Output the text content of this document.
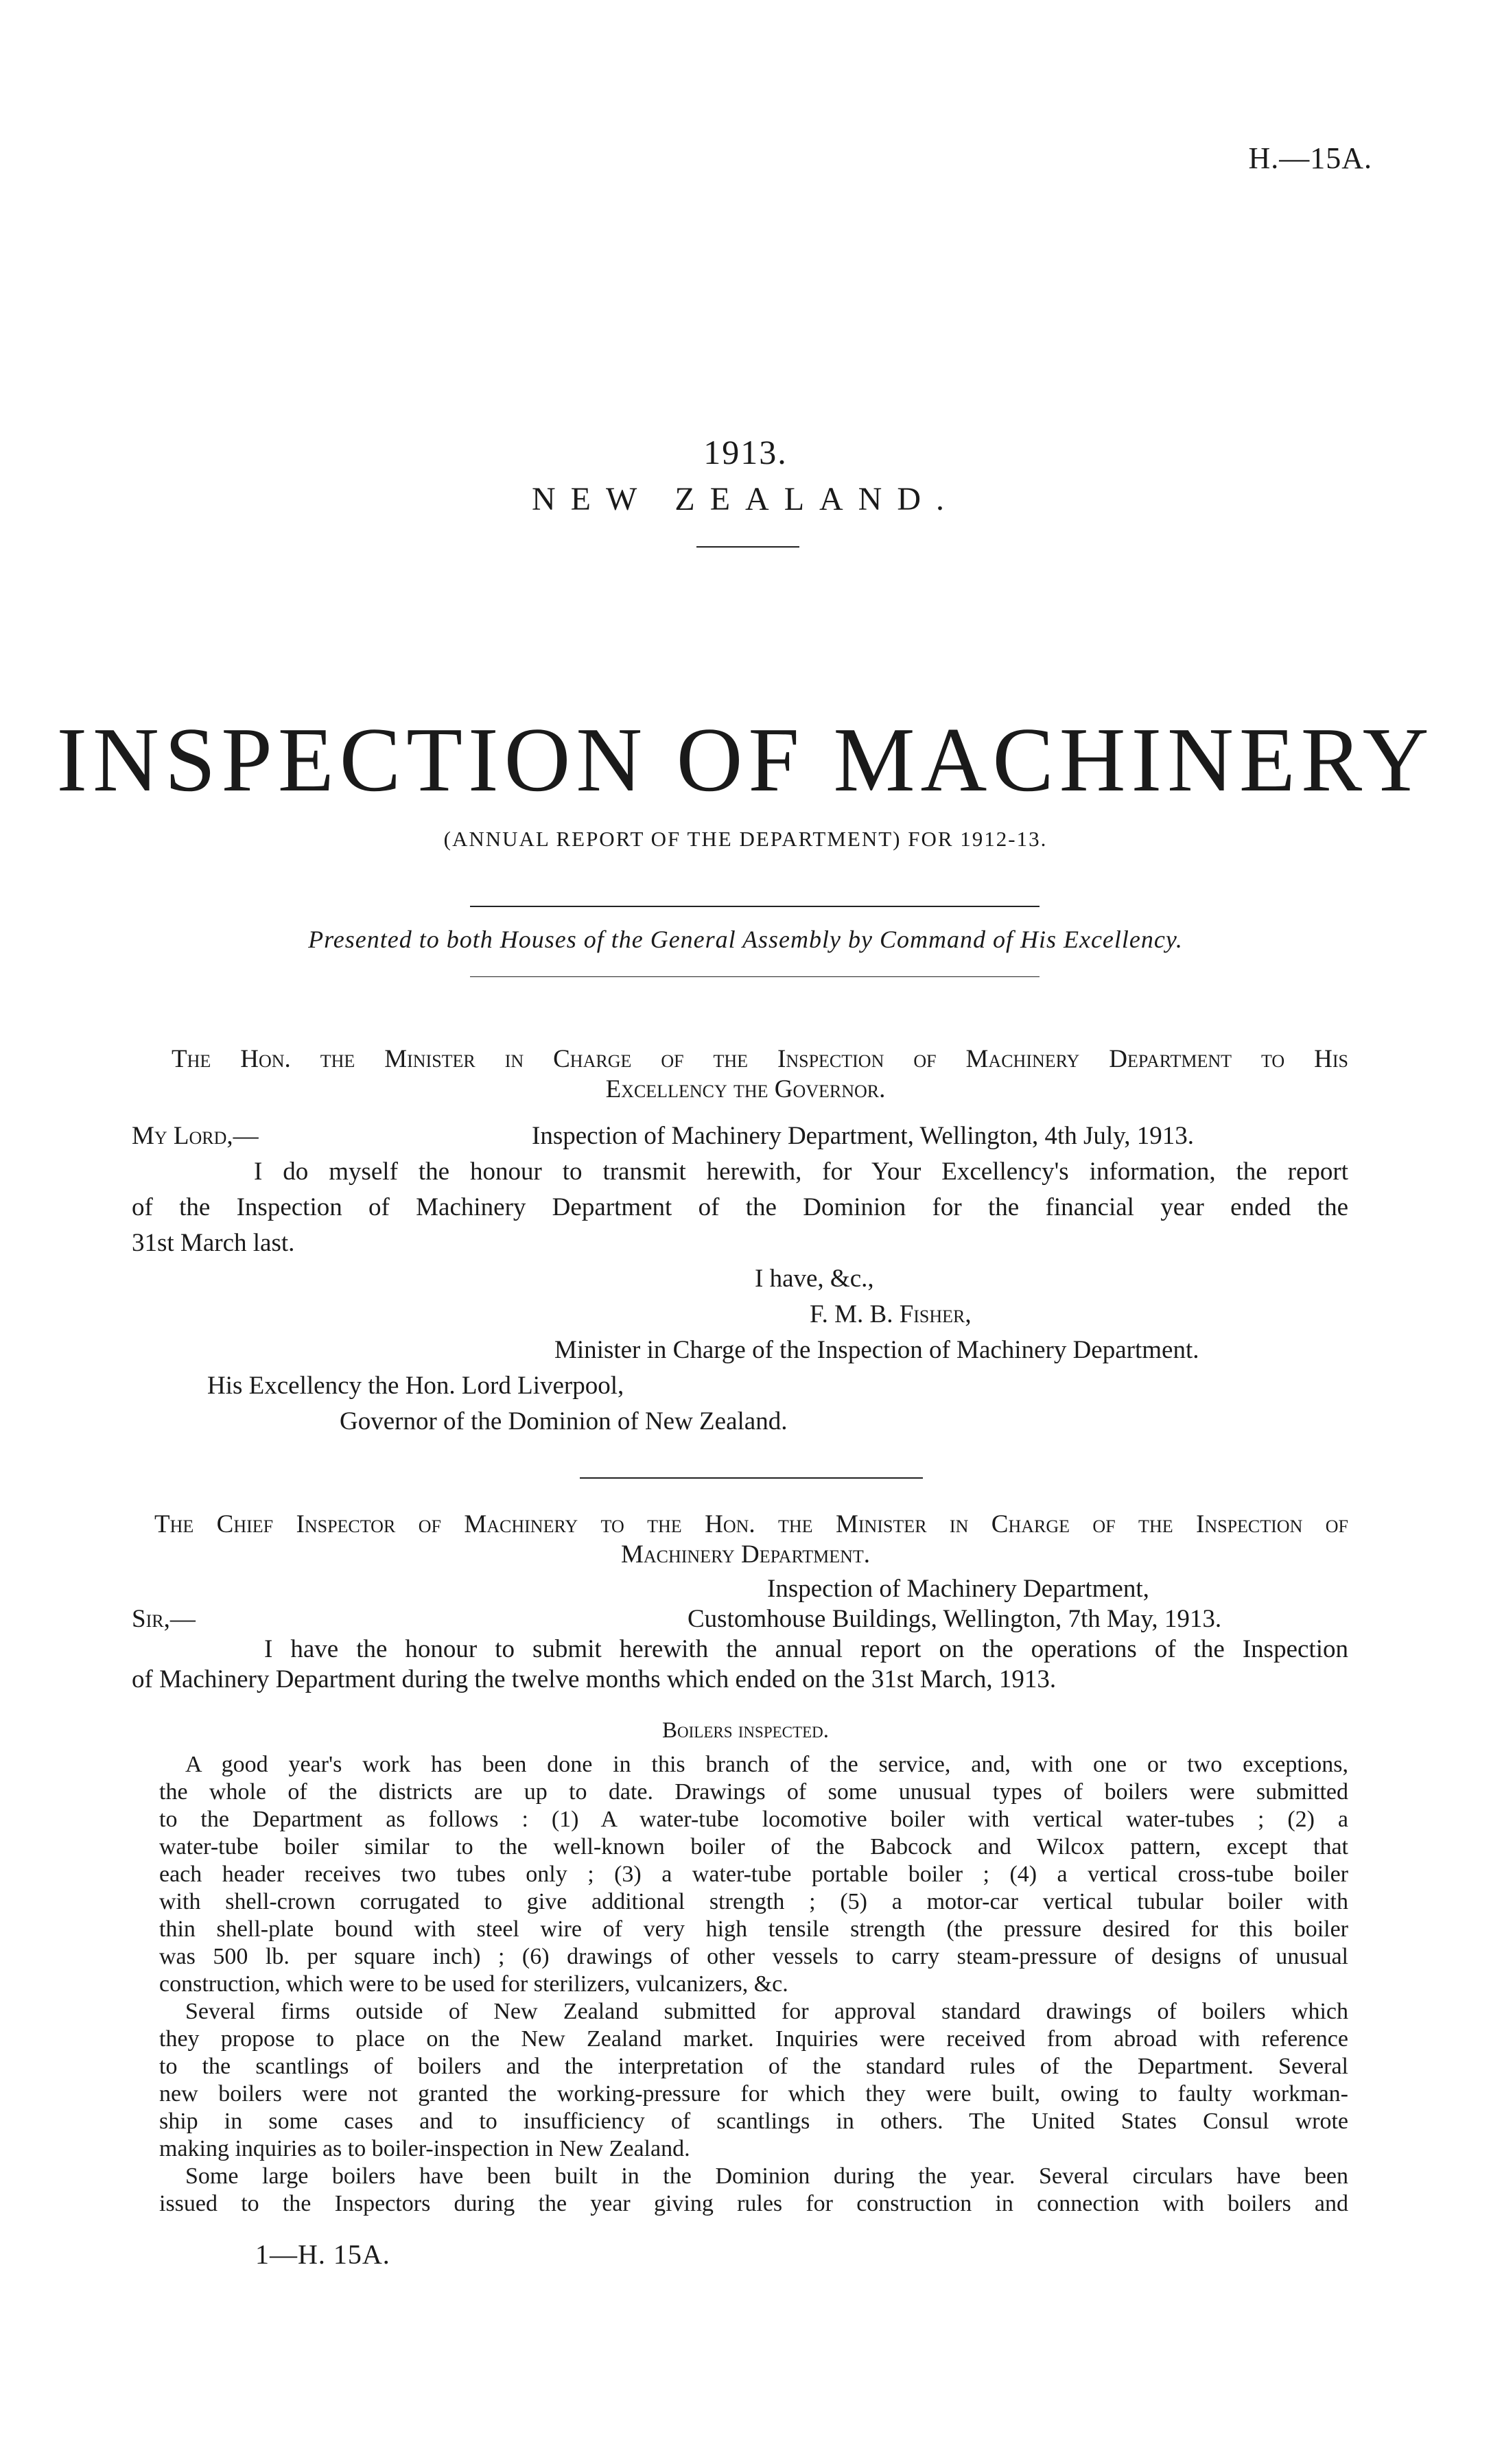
H.—15A.
1913.
NEW ZEALAND.
INSPECTION OF MACHINERY
(ANNUAL REPORT OF THE DEPARTMENT) FOR 1912-13.
Presented to both Houses of the General Assembly by Command of His Excellency.
The Hon. the Minister in Charge of the Inspection of Machinery Department to His
Excellency the Governor.
My Lord,—	Inspection of Machinery Department, Wellington, 4th July, 1913.
I do myself the honour to transmit herewith, for Your Excellency's information, the report
of the Inspection of Machinery Department of the Dominion for the financial year ended the
31st March last.
I have, &c.,
F. M. B. Fisher,
Minister in Charge of the Inspection of Machinery Department.
His Excellency the Hon. Lord Liverpool,
Governor of the Dominion of New Zealand.
The Chief Inspector of Machinery to the Hon. the Minister in Charge of the Inspection of
Machinery Department.
Inspection of Machinery Department,
Sir,—	Customhouse Buildings, Wellington, 7th May, 1913.
I have the honour to submit herewith the annual report on the operations of the Inspection
of Machinery Department during the twelve months which ended on the 31st March, 1913.
Boilers inspected.
A good year's work has been done in this branch of the service, and, with one or two exceptions,
the whole of the districts are up to date. Drawings of some unusual types of boilers were submitted
to the Department as follows : (1) A water-tube locomotive boiler with vertical water-tubes ; (2) a
water-tube boiler similar to the well-known boiler of the Babcock and Wilcox pattern, except that
each header receives two tubes only ; (3) a water-tube portable boiler ; (4) a vertical cross-tube boiler
with shell-crown corrugated to give additional strength ; (5) a motor-car vertical tubular boiler with
thin shell-plate bound with steel wire of very high tensile strength (the pressure desired for this boiler
was 500 lb. per square inch) ; (6) drawings of other vessels to carry steam-pressure of designs of unusual
construction, which were to be used for sterilizers, vulcanizers, &c.
Several firms outside of New Zealand submitted for approval standard drawings of boilers which
they propose to place on the New Zealand market. Inquiries were received from abroad with reference
to the scantlings of boilers and the interpretation of the standard rules of the Department. Several
new boilers were not granted the working-pressure for which they were built, owing to faulty workman-
ship in some cases and to insufficiency of scantlings in others. The United States Consul wrote
making inquiries as to boiler-inspection in New Zealand.
Some large boilers have been built in the Dominion during the year. Several circulars have been
issued to the Inspectors during the year giving rules for construction in connection with boilers and
1—H. 15A.
